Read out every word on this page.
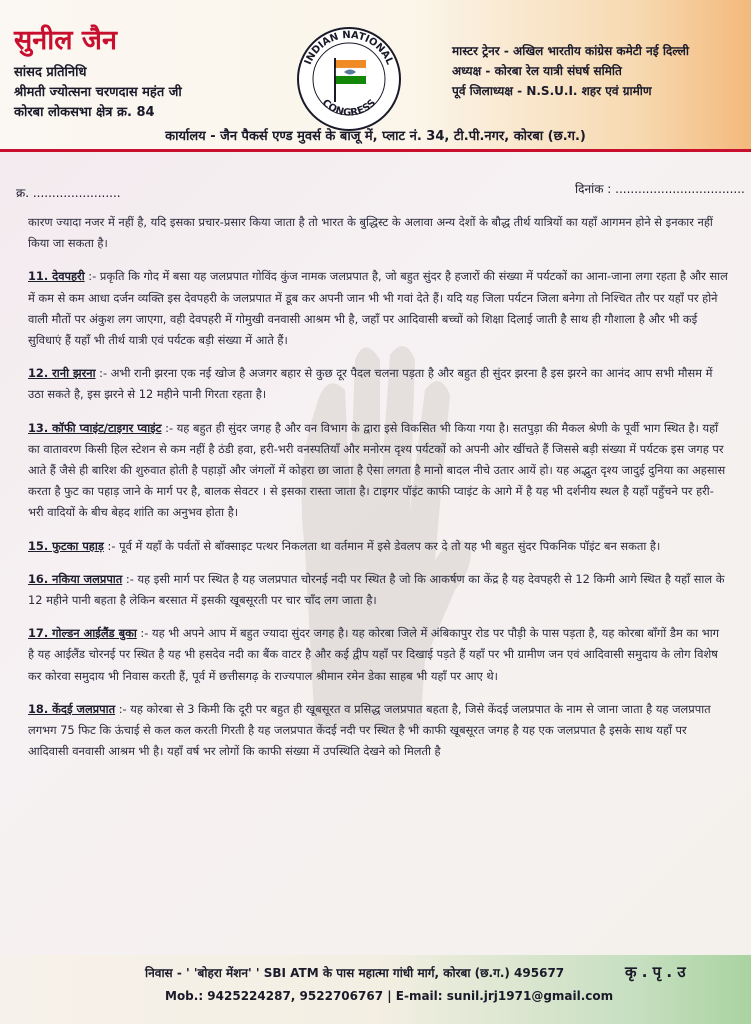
सुनील जैन
सांसद प्रतिनिधि
श्रीमती ज्योत्सना चरणदास महंत जी
कोरबा लोकसभा क्षेत्र क्र. 84
INDIAN NATIONAL
CONGRESS
मास्टर ट्रेनर - अखिल भारतीय कांग्रेस कमेटी नई दिल्ली
अध्यक्ष - कोरबा रेल यात्री संघर्ष समिति
पूर्व जिलाध्यक्ष - N.S.U.I. शहर एवं ग्रामीण
कार्यालय - जैन पैकर्स एण्ड मुवर्स के बाजू में, प्लाट नं. 34, टी.पी.नगर, कोरबा (छ.ग.)
क्र. .......................	दिनांक : ..................................

कारण ज्यादा नजर में नहीं है, यदि इसका प्रचार-प्रसार किया जाता है तो भारत के बुद्धिस्ट के अलावा अन्य देशों के बौद्ध तीर्थ यात्रियों का यहाँ आगमन होने से इनकार नहीं किया जा सकता है।

11. देवपहरी :- प्रकृति कि गोद में बसा यह जलप्रपात गोविंद कुंज नामक जलप्रपात है, जो बहुत सुंदर है हजारों की संख्या में पर्यटकों का आना-जाना लगा रहता है और साल में कम से कम आधा दर्जन व्यक्ति इस देवपहरी के जलप्रपात में डूब कर अपनी जान भी भी गवां देते हैं। यदि यह जिला पर्यटन जिला बनेगा तो निश्चित तौर पर यहाँ पर होने वाली मौतों पर अंकुश लग जाएगा, वही देवपहरी में गोमुखी वनवासी आश्रम भी है, जहाँ पर आदिवासी बच्चों को शिक्षा दिलाई जाती है साथ ही गौशाला है और भी कई सुविधाएं हैं यहाँ भी तीर्थ यात्री एवं पर्यटक बड़ी संख्या में आते हैं।

12. रानी झरना :- अभी रानी झरना एक नई खोज है अजगर बहार से कुछ दूर पैदल चलना पड़ता है और बहुत ही सुंदर झरना है इस झरने का आनंद आप सभी मौसम में उठा सकते है, इस झरने से 12 महीने पानी गिरता रहता है।

13. कॉफी प्वाइंट/टाइगर प्वाइंट :- यह बहुत ही सुंदर जगह है और वन विभाग के द्वारा इसे विकसित भी किया गया है। सतपुड़ा की मैकल श्रेणी के पूर्वी भाग स्थित है। यहाँ का वातावरण किसी हिल स्टेशन से कम नहीं है ठंडी हवा, हरी-भरी वनस्पतियाँ और मनोरम दृश्य पर्यटकों को अपनी ओर खींचते हैं जिससे बड़ी संख्या में पर्यटक इस जगह पर आते हैं जैसे ही बारिश की शुरुवात होती है पहाड़ों और जंगलों में कोहरा छा जाता है ऐसा लगता है मानो बादल नीचे उतार आयें हो। यह अद्भुत दृश्य जादुई दुनिया का अहसास करता है फुट का पहाड़ जाने के मार्ग पर है, बालक सेवटर । से इसका रास्ता जाता है। टाइगर पॉइंट काफी प्वाइंट के आगे में है यह भी दर्शनीय स्थल है यहाँ पहुँचने पर हरी-भरी वादियों के बीच बेहद शांति का अनुभव होता है।

15. फुटका पहाड़ :- पूर्व में यहाँ के पर्वतों से बॉक्साइट पत्थर निकलता था वर्तमान में इसे डेवलप कर दे तो यह भी बहुत सुंदर पिकनिक पॉइंट बन सकता है।

16. नकिया जलप्रपात :- यह इसी मार्ग पर स्थित है यह जलप्रपात चोरनई नदी पर स्थित है जो कि आकर्षण का केंद्र है यह देवपहरी से 12 किमी आगे स्थित है यहाँ साल के 12 महीने पानी बहता है लेकिन बरसात में इसकी खूबसूरती पर चार चाँद लग जाता है।

17. गोल्डन आईलैंड बुका :- यह भी अपने आप में बहुत ज्यादा सुंदर जगह है। यह कोरबा जिले में अंबिकापुर रोड पर पौड़ी के पास पड़ता है, यह कोरबा बाँगों डैम का भाग है यह आईलैंड चोरनई पर स्थित है यह भी हसदेव नदी का बैंक वाटर है और कई द्वीप यहाँ पर दिखाई पड़ते हैं यहाँ पर भी ग्रामीण जन एवं आदिवासी समुदाय के लोग विशेष कर कोरवा समुदाय भी निवास करती हैं, पूर्व में छत्तीसगढ़ के राज्यपाल श्रीमान रमेन डेका साहब भी यहाँ पर आए थे।

18. केंदई जलप्रपात :- यह कोरबा से 3 किमी कि दूरी पर बहुत ही खूबसूरत व प्रसिद्ध जलप्रपात बहता है, जिसे केंदई जलप्रपात के नाम से जाना जाता है यह जलप्रपात लगभग 75 फिट कि ऊंचाई से कल कल करती गिरती है यह जलप्रपात केंदई नदी पर स्थित है भी काफी खूबसूरत जगह है यह एक जलप्रपात है इसके साथ यहाँ पर आदिवासी वनवासी आश्रम भी है। यहाँ वर्ष भर लोगों कि काफी संख्या में उपस्थिति देखने को मिलती है

निवास - ' 'बोहरा मेंशन' ' SBI ATM के पास महात्मा गांधी मार्ग, कोरबा (छ.ग.) 495677	कृ . पृ . उ
Mob.: 9425224287, 9522706767 | E-mail: sunil.jrj1971@gmail.com
